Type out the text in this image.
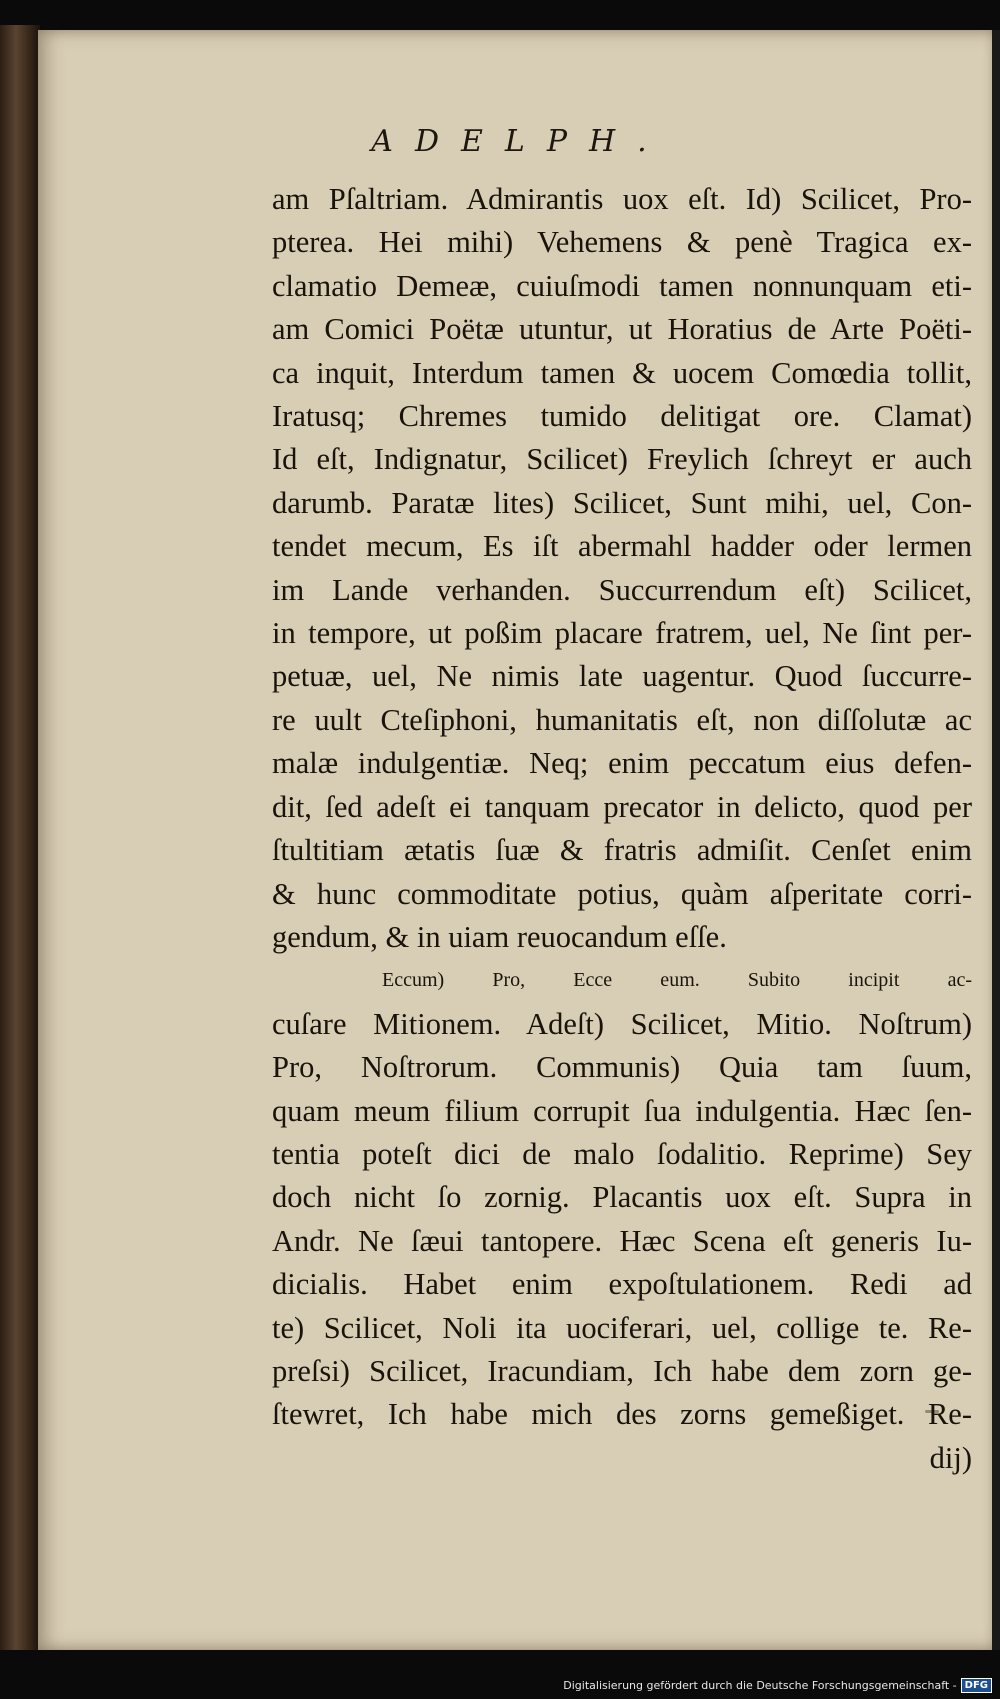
ADELPH.
am Pſaltriam. Admirantis uox eſt. Id) Scilicet, Pro-
pterea. Hei mihi) Vehemens & penè Tragica ex-
clamatio Demeæ, cuiuſmodi tamen nonnunquam eti-
am Comici Poëtæ utuntur, ut Horatius de Arte Poëti-
ca inquit, Interdum tamen & uocem Comœdia tollit,
Iratusq; Chremes tumido delitigat ore. Clamat)
Id eſt, Indignatur, Scilicet) Freylich ſchreyt er auch
darumb. Paratæ lites) Scilicet, Sunt mihi, uel, Con-
tendet mecum, Es iſt abermahl hadder oder lermen
im Lande verhanden. Succurrendum eſt) Scilicet,
in tempore, ut poßim placare fratrem, uel, Ne ſint per-
petuæ, uel, Ne nimis late uagentur. Quod ſuccurre-
re uult Cteſiphoni, humanitatis eſt, non diſſolutæ ac
malæ indulgentiæ. Neq; enim peccatum eius defen-
dit, ſed adeſt ei tanquam precator in delicto, quod per
ſtultitiam ætatis ſuæ & fratris admiſit. Cenſet enim
& hunc commoditate potius, quàm aſperitate corri-
gendum, & in uiam reuocandum eſſe.
Eccum) Pro, Ecce eum. Subito incipit ac-
cuſare Mitionem. Adeſt) Scilicet, Mitio. Noſtrum)
Pro, Noſtrorum. Communis) Quia tam ſuum,
quam meum filium corrupit ſua indulgentia. Hæc ſen-
tentia poteſt dici de malo ſodalitio. Reprime) Sey
doch nicht ſo zornig. Placantis uox eſt. Supra in
Andr. Ne ſæui tantopere. Hæc Scena eſt generis Iu-
dicialis. Habet enim expoſtulationem. Redi ad
te) Scilicet, Noli ita uociferari, uel, collige te. Re-
preſsi) Scilicet, Iracundiam, Ich habe dem zorn ge-
ſtewret, Ich habe mich des zorns gemeßiget. Re-
dij)
Digitalisierung gefördert durch die Deutsche Forschungsgemeinschaft - DFG
